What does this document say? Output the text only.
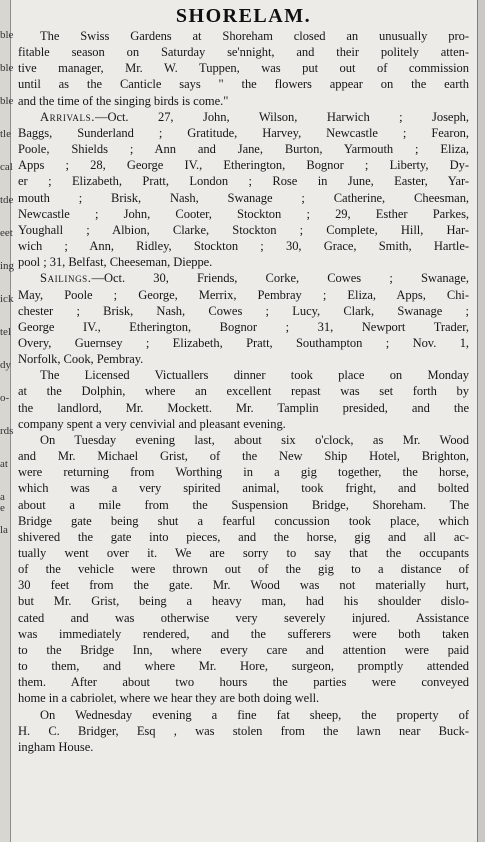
ble
ble
ble
tle
cal
tde
eet
ing
ick
tel
dy
o-
rds
at
a e
la
SHORELAM.
The Swiss Gardens at Shoreham closed an unusually pro-
fitable season on Saturday se'nnight, and their politely atten-
tive manager, Mr. W. Tuppen, was put out of commission
until as the Canticle says " the flowers appear on the earth
and the time of the singing birds is come."
Arrivals.—Oct. 27, John, Wilson, Harwich ; Joseph,
Baggs, Sunderland ; Gratitude, Harvey, Newcastle ; Fearon,
Poole, Shields ; Ann and Jane, Burton, Yarmouth ; Eliza,
Apps ; 28, George IV., Etherington, Bognor ; Liberty, Dy-
er ; Elizabeth, Pratt, London ; Rose in June, Easter, Yar-
mouth ; Brisk, Nash, Swanage ; Catherine, Cheesman,
Newcastle ; John, Cooter, Stockton ; 29, Esther Parkes,
Youghall ; Albion, Clarke, Stockton ; Complete, Hill, Har-
wich ; Ann, Ridley, Stockton ; 30, Grace, Smith, Hartle-
pool ; 31, Belfast, Cheeseman, Dieppe.
Sailings.—Oct. 30, Friends, Corke, Cowes ; Swanage,
May, Poole ; George, Merrix, Pembray ; Eliza, Apps, Chi-
chester ; Brisk, Nash, Cowes ; Lucy, Clark, Swanage ;
George IV., Etherington, Bognor ; 31, Newport Trader,
Overy, Guernsey ; Elizabeth, Pratt, Southampton ; Nov. 1,
Norfolk, Cook, Pembray.
The Licensed Victuallers dinner took place on Monday
at the Dolphin, where an excellent repast was set forth by
the landlord, Mr. Mockett. Mr. Tamplin presided, and the
company spent a very cenvivial and pleasant evening.
On Tuesday evening last, about six o'clock, as Mr. Wood
and Mr. Michael Grist, of the New Ship Hotel, Brighton,
were returning from Worthing in a gig together, the horse,
which was a very spirited animal, took fright, and bolted
about a mile from the Suspension Bridge, Shoreham. The
Bridge gate being shut a fearful concussion took place, which
shivered the gate into pieces, and the horse, gig and all ac-
tually went over it. We are sorry to say that the occupants
of the vehicle were thrown out of the gig to a distance of
30 feet from the gate. Mr. Wood was not materially hurt,
but Mr. Grist, being a heavy man, had his shoulder dislo-
cated and was otherwise very severely injured. Assistance
was immediately rendered, and the sufferers were both taken
to the Bridge Inn, where every care and attention were paid
to them, and where Mr. Hore, surgeon, promptly attended
them. After about two hours the parties were conveyed
home in a cabriolet, where we hear they are both doing well.
On Wednesday evening a fine fat sheep, the property of
H. C. Bridger, Esq , was stolen from the lawn near Buck-
ingham House.
